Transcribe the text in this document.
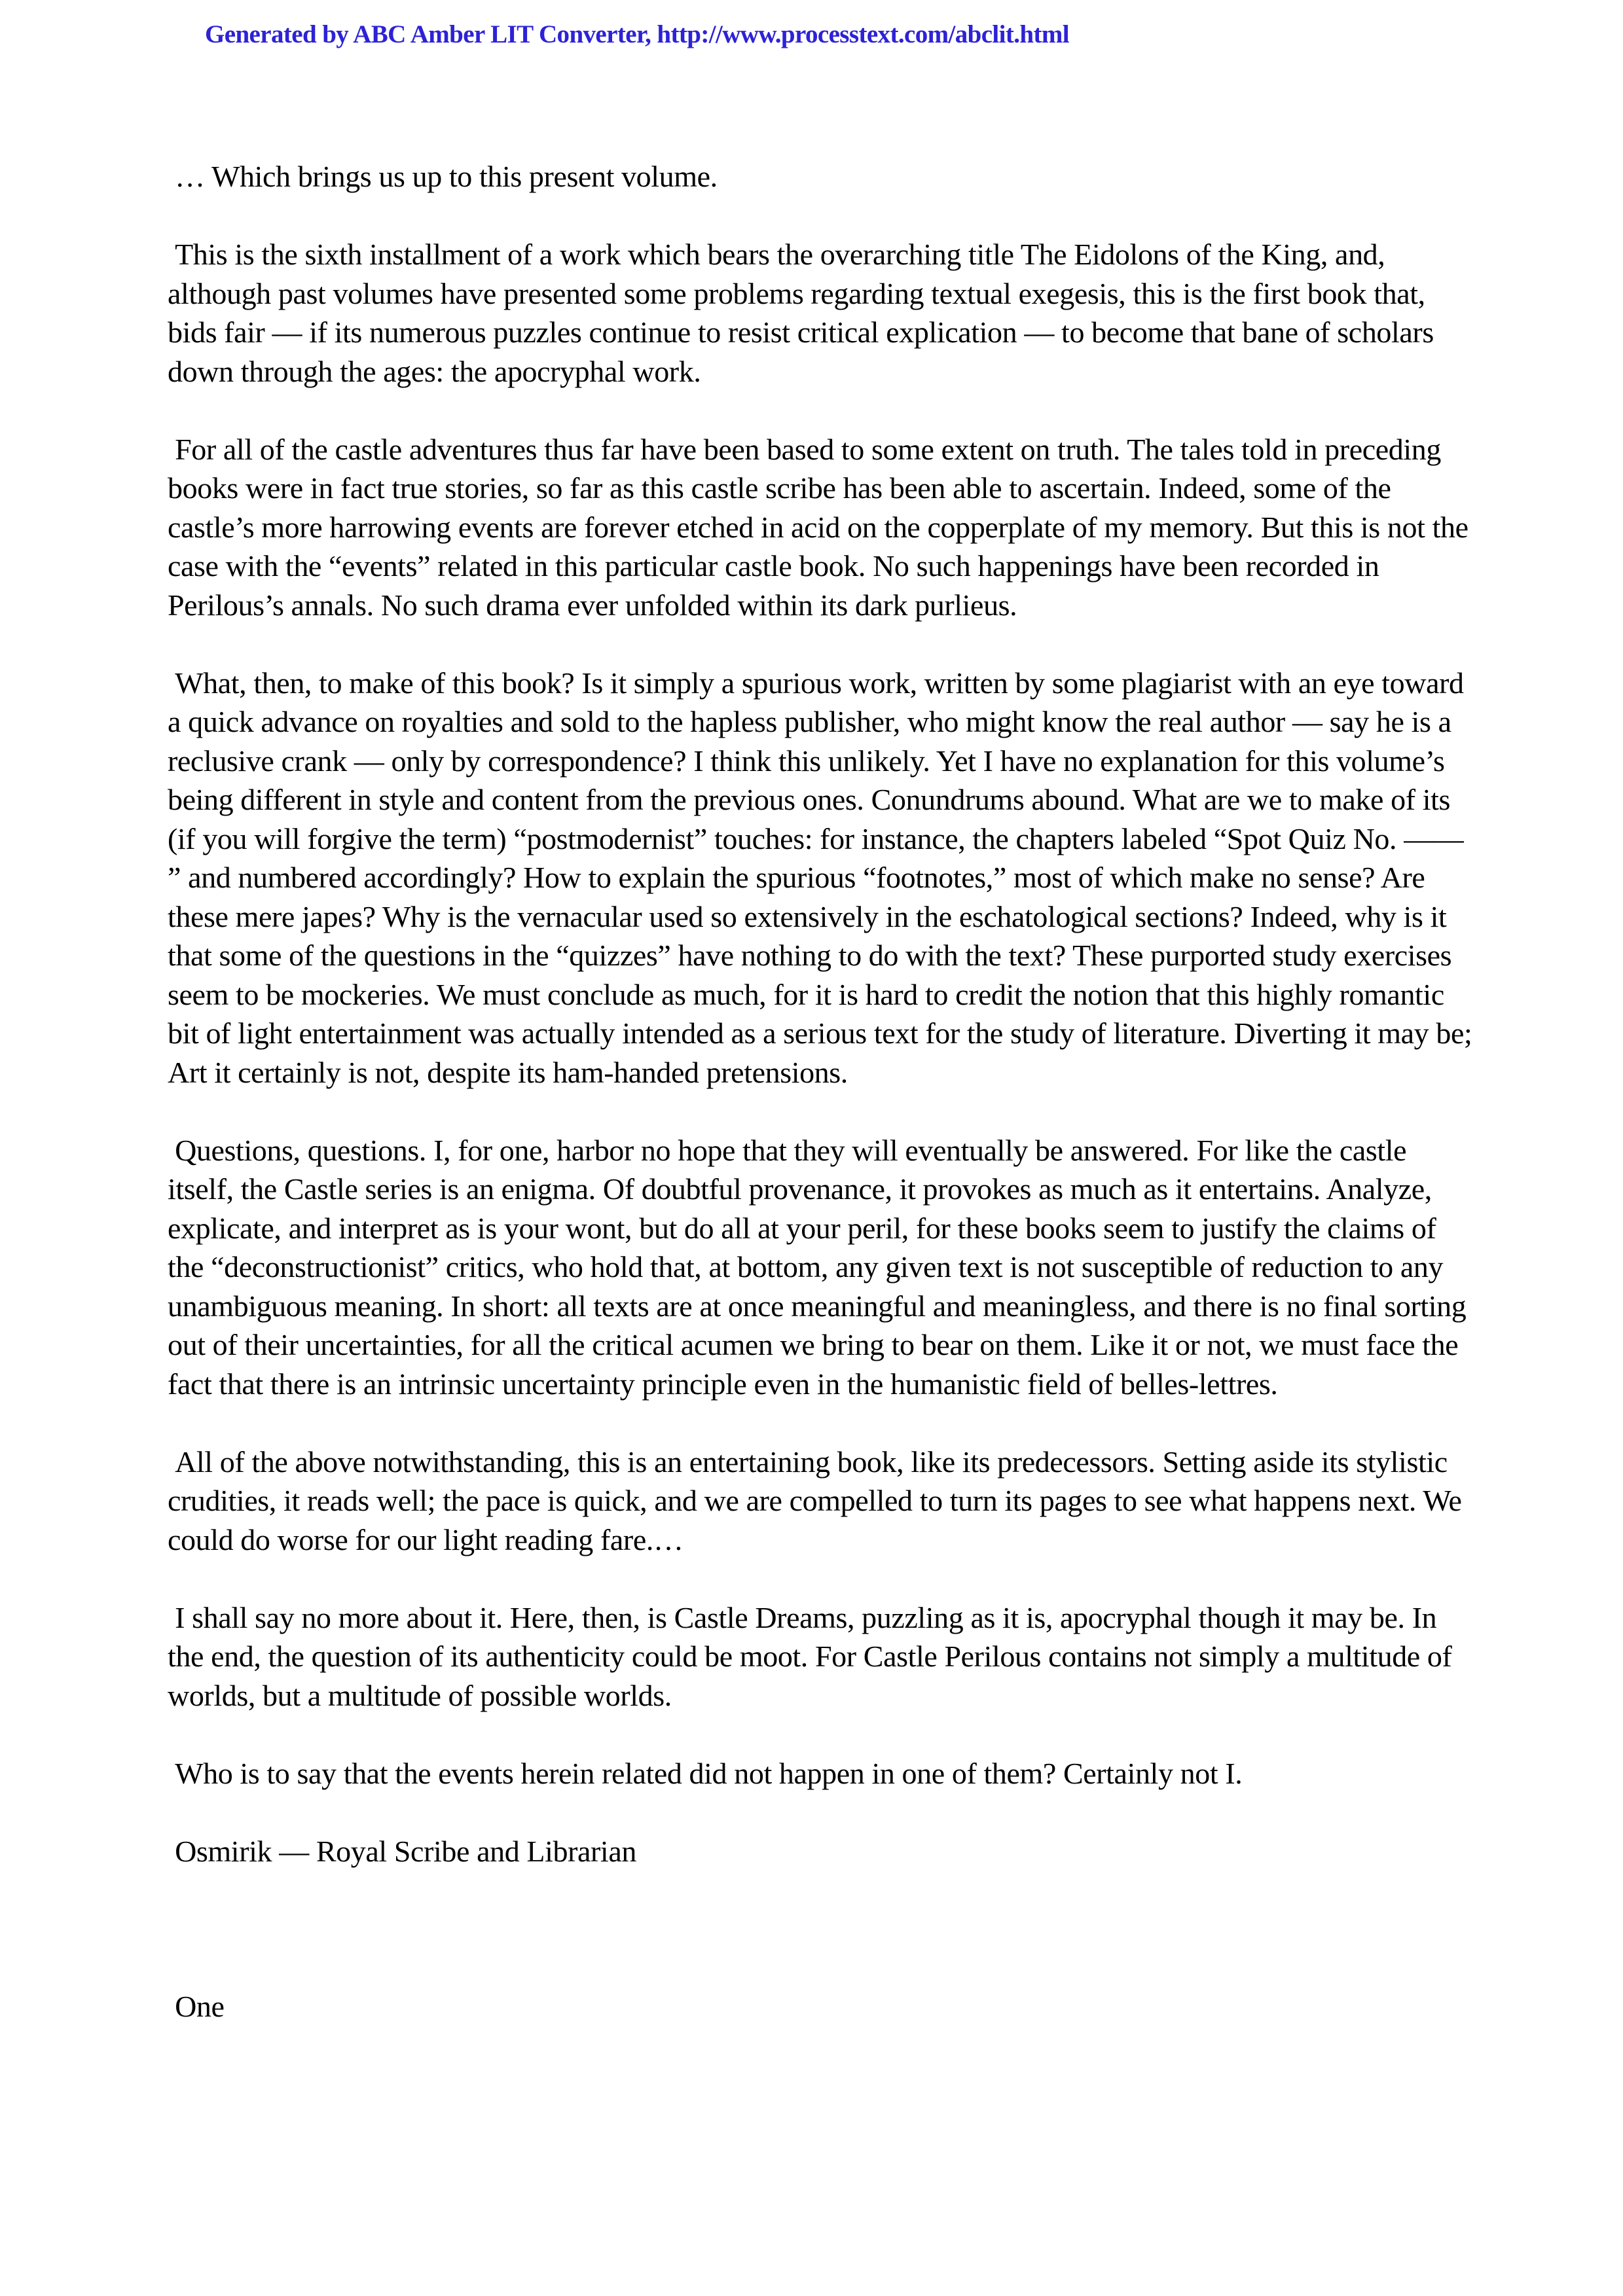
Generated by ABC Amber LIT Converter, http://www.processtext.com/abclit.html

… Which brings us up to this present volume.

This is the sixth installment of a work which bears the overarching title The Eidolons of the King, and, although past volumes have presented some problems regarding textual exegesis, this is the first book that, bids fair — if its numerous puzzles continue to resist critical explication — to become that bane of scholars down through the ages: the apocryphal work.

For all of the castle adventures thus far have been based to some extent on truth. The tales told in preceding books were in fact true stories, so far as this castle scribe has been able to ascertain. Indeed, some of the castle’s more harrowing events are forever etched in acid on the copperplate of my memory. But this is not the case with the “events” related in this particular castle book. No such happenings have been recorded in Perilous’s annals. No such drama ever unfolded within its dark purlieus.

What, then, to make of this book? Is it simply a spurious work, written by some plagiarist with an eye toward a quick advance on royalties and sold to the hapless publisher, who might know the real author — say he is a reclusive crank — only by correspondence? I think this unlikely. Yet I have no explanation for this volume’s being different in style and content from the previous ones. Conundrums abound. What are we to make of its (if you will forgive the term) “postmodernist” touches: for instance, the chapters labeled “Spot Quiz No. —— ” and numbered accordingly? How to explain the spurious “footnotes,” most of which make no sense? Are these mere japes? Why is the vernacular used so extensively in the eschatological sections? Indeed, why is it that some of the questions in the “quizzes” have nothing to do with the text? These purported study exercises seem to be mockeries. We must conclude as much, for it is hard to credit the notion that this highly romantic bit of light entertainment was actually intended as a serious text for the study of literature. Diverting it may be; Art it certainly is not, despite its ham-handed pretensions.

Questions, questions. I, for one, harbor no hope that they will eventually be answered. For like the castle itself, the Castle series is an enigma. Of doubtful provenance, it provokes as much as it entertains. Analyze, explicate, and interpret as is your wont, but do all at your peril, for these books seem to justify the claims of the “deconstructionist” critics, who hold that, at bottom, any given text is not susceptible of reduction to any unambiguous meaning. In short: all texts are at once meaningful and meaningless, and there is no final sorting out of their uncertainties, for all the critical acumen we bring to bear on them. Like it or not, we must face the fact that there is an intrinsic uncertainty principle even in the humanistic field of belles-lettres.

All of the above notwithstanding, this is an entertaining book, like its predecessors. Setting aside its stylistic crudities, it reads well; the pace is quick, and we are compelled to turn its pages to see what happens next. We could do worse for our light reading fare.…

I shall say no more about it. Here, then, is Castle Dreams, puzzling as it is, apocryphal though it may be. In the end, the question of its authenticity could be moot. For Castle Perilous contains not simply a multitude of worlds, but a multitude of possible worlds.

Who is to say that the events herein related did not happen in one of them? Certainly not I.

Osmirik — Royal Scribe and Librarian

One
